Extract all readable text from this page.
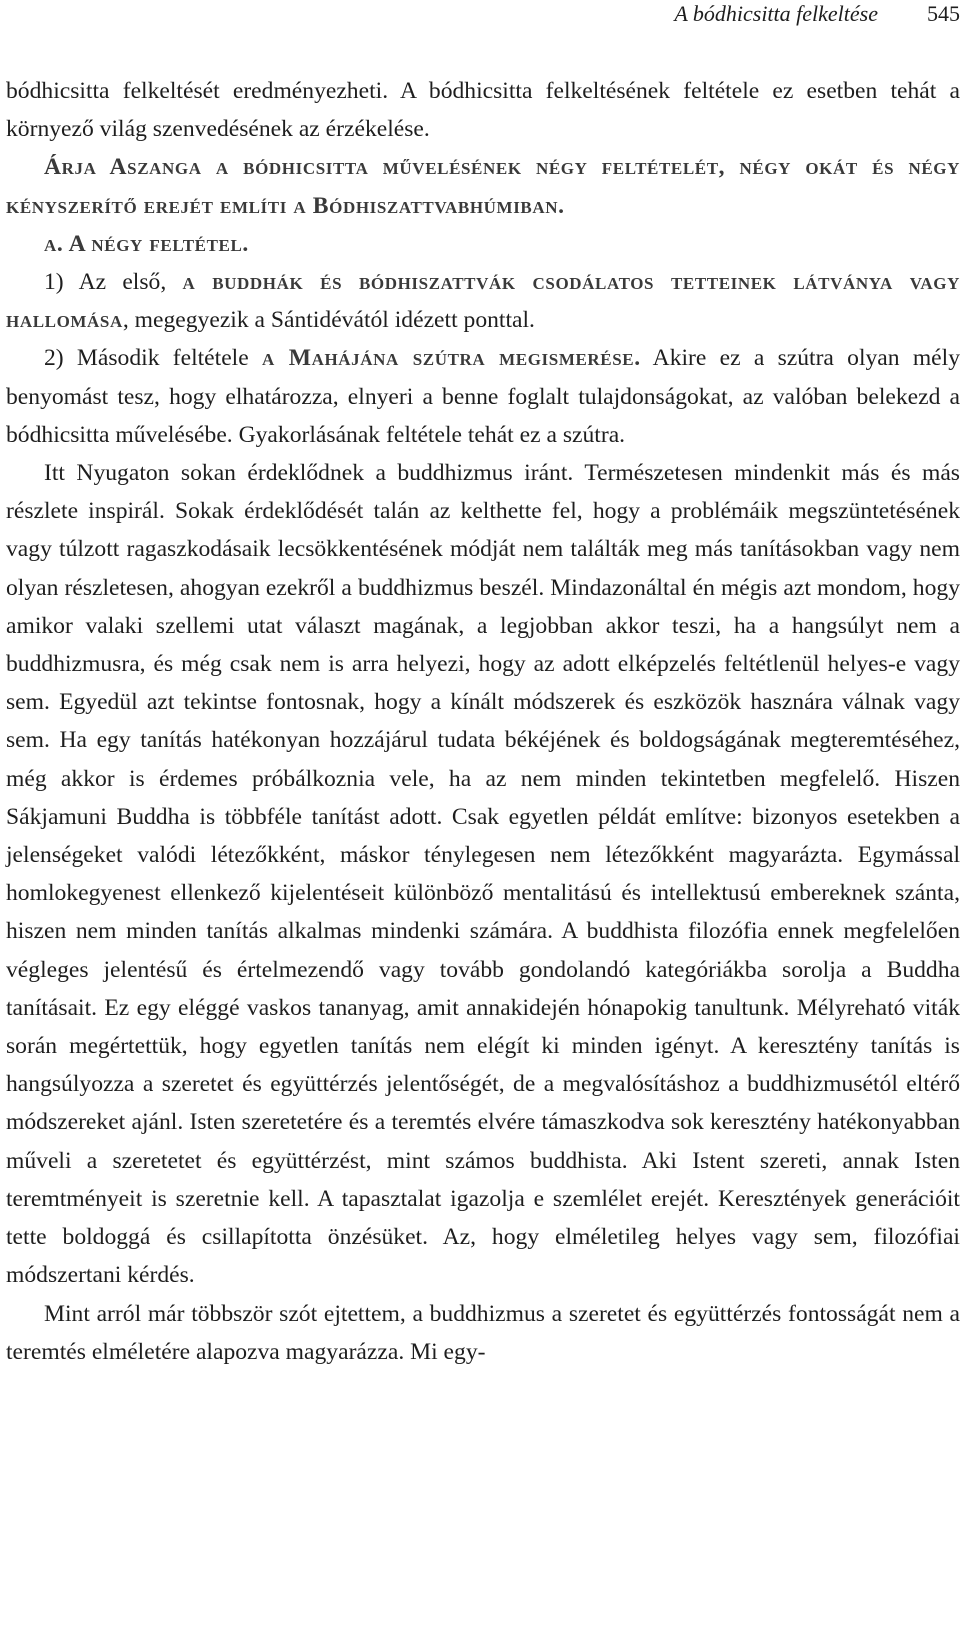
A bódhicsitta felkeltése 545

bódhicsitta felkeltését eredményezheti. A bódhicsitta felkeltésének feltétele ez esetben tehát a környező világ szenvedésének az érzékelése.

Árja Aszanga a bódhicsitta művelésének négy feltételét, négy okát és négy kényszerítő erejét említi a Bódhiszattvabhúmiban.

a. A négy feltétel.

1) Az első, a buddhák és bódhiszattvák csodálatos tetteinek látványa vagy hallomása, megegyezik a Sántidévától idézett ponttal.

2) Második feltétele a Mahájána szútra megismerése. Akire ez a szútra olyan mély benyomást tesz, hogy elhatározza, elnyeri a benne foglalt tulajdonságokat, az valóban belekezd a bódhicsitta művelésébe. Gyakorlásának feltétele tehát ez a szútra.

Itt Nyugaton sokan érdeklődnek a buddhizmus iránt. Természetesen mindenkit más és más részlete inspirál. Sokak érdeklődését talán az kelthette fel, hogy a problémáik megszüntetésének vagy túlzott ragaszkodásaik lecsökkentésének módját nem találták meg más tanításokban vagy nem olyan részletesen, ahogyan ezekről a buddhizmus beszél. Mindazonáltal én mégis azt mondom, hogy amikor valaki szellemi utat választ magának, a legjobban akkor teszi, ha a hangsúlyt nem a buddhizmusra, és még csak nem is arra helyezi, hogy az adott elképzelés feltétlenül helyes-e vagy sem. Egyedül azt tekintse fontosnak, hogy a kínált módszerek és eszközök hasznára válnak vagy sem. Ha egy tanítás hatékonyan hozzájárul tudata békéjének és boldogságának megteremtéséhez, még akkor is érdemes próbálkoznia vele, ha az nem minden tekintetben megfelelő. Hiszen Sákjamuni Buddha is többféle tanítást adott. Csak egyetlen példát említve: bizonyos esetekben a jelenségeket valódi létezőkként, máskor ténylegesen nem létezőkként magyarázta. Egymással homlokegyenest ellenkező kijelentéseit különböző mentalitású és intellektusú embereknek szánta, hiszen nem minden tanítás alkalmas mindenki számára. A buddhista filozófia ennek megfelelően végleges jelentésű és értelmezendő vagy tovább gondolandó kategóriákba sorolja a Buddha tanításait. Ez egy eléggé vaskos tananyag, amit annakidején hónapokig tanultunk. Mélyreható viták során megértettük, hogy egyetlen tanítás nem elégít ki minden igényt. A keresztény tanítás is hangsúlyozza a szeretet és együttérzés jelentőségét, de a megvalósításhoz a buddhizmusétól eltérő módszereket ajánl. Isten szeretetére és a teremtés elvére támaszkodva sok keresztény hatékonyabban műveli a szeretetet és együttérzést, mint számos buddhista. Aki Istent szereti, annak Isten teremtményeit is szeretnie kell. A tapasztalat igazolja e szemlélet erejét. Keresztények generációit tette boldoggá és csillapította önzésüket. Az, hogy elméletileg helyes vagy sem, filozófiai módszertani kérdés.

Mint arról már többször szót ejtettem, a buddhizmus a szeretet és együttérzés fontosságát nem a teremtés elméletére alapozva magyarázza. Mi egy-
